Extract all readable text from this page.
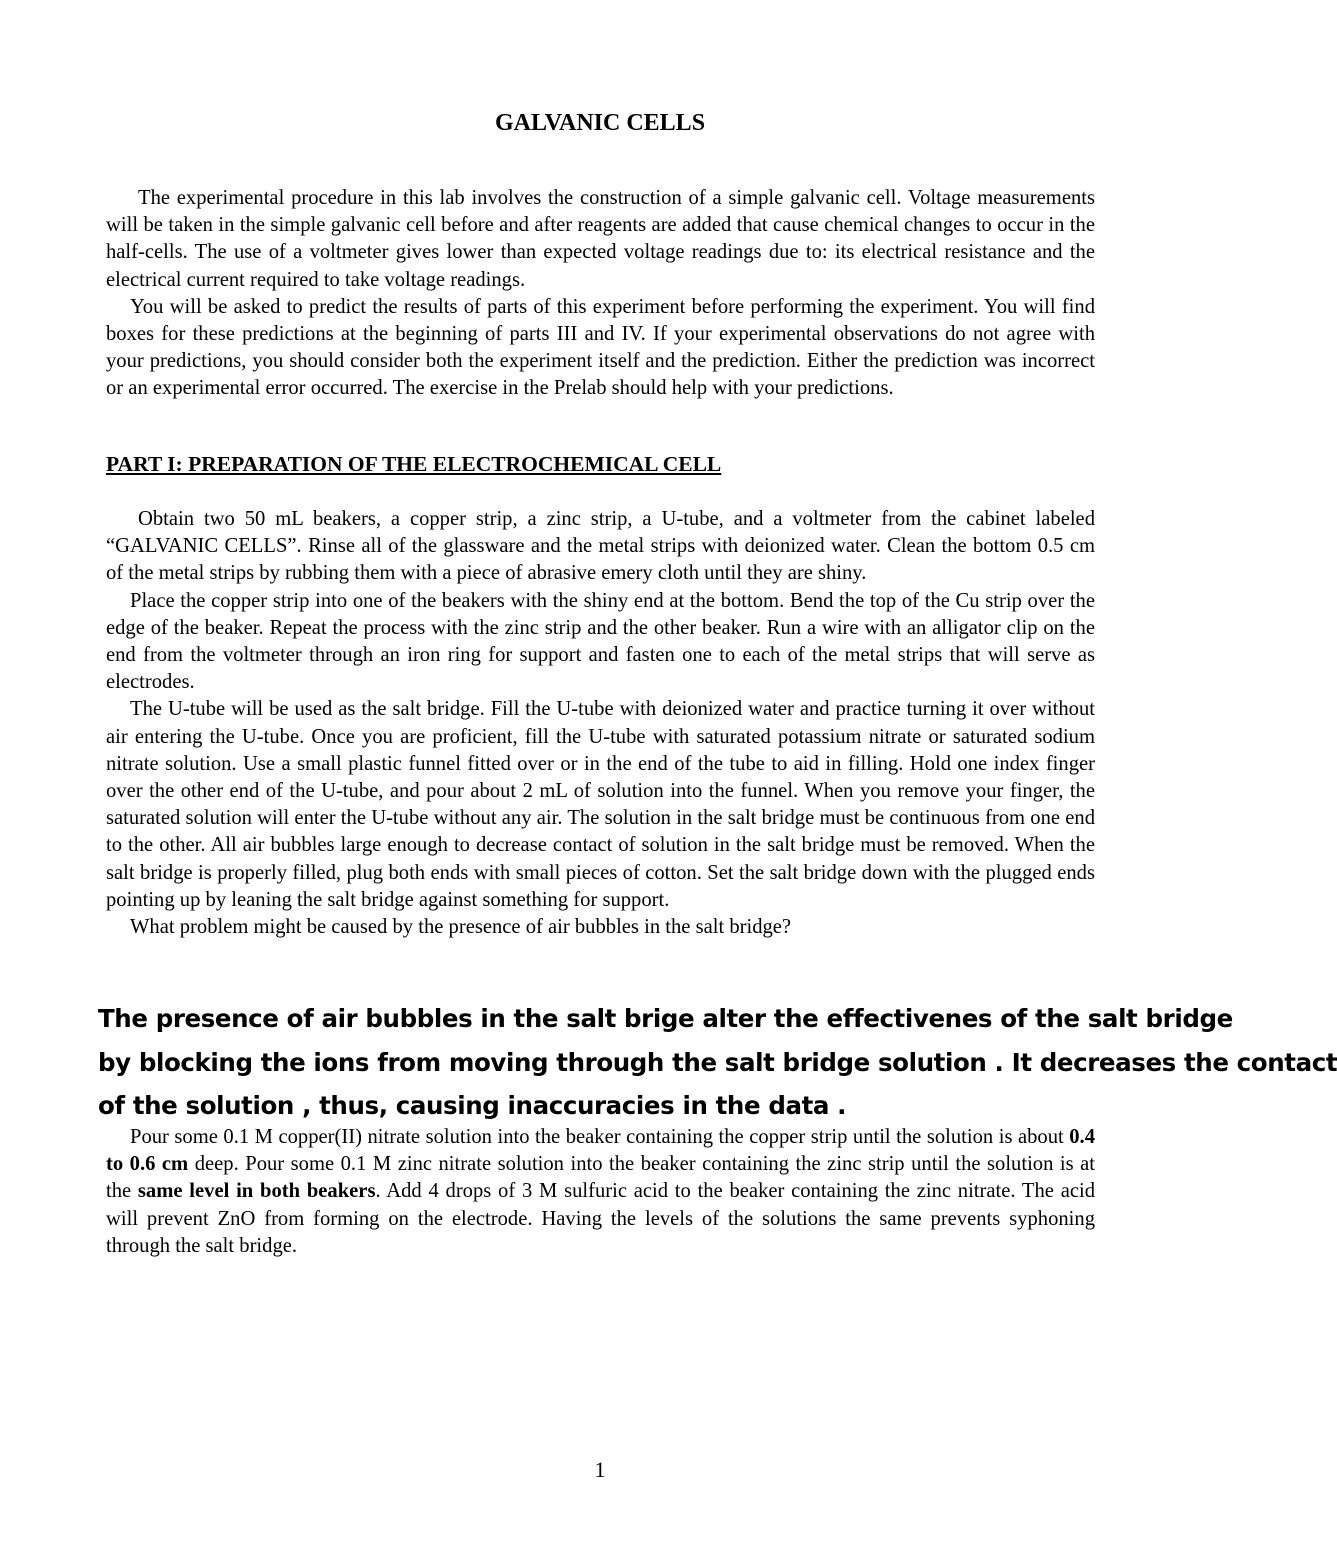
GALVANIC CELLS

The experimental procedure in this lab involves the construction of a simple galvanic cell. Voltage measurements will be taken in the simple galvanic cell before and after reagents are added that cause chemical changes to occur in the half-cells. The use of a voltmeter gives lower than expected voltage readings due to: its electrical resistance and the electrical current required to take voltage readings.

You will be asked to predict the results of parts of this experiment before performing the experiment. You will find boxes for these predictions at the beginning of parts III and IV. If your experimental observations do not agree with your predictions, you should consider both the experiment itself and the prediction. Either the prediction was incorrect or an experimental error occurred. The exercise in the Prelab should help with your predictions.

PART I: PREPARATION OF THE ELECTROCHEMICAL CELL

Obtain two 50 mL beakers, a copper strip, a zinc strip, a U-tube, and a voltmeter from the cabinet labeled “GALVANIC CELLS”. Rinse all of the glassware and the metal strips with deionized water. Clean the bottom 0.5 cm of the metal strips by rubbing them with a piece of abrasive emery cloth until they are shiny.

Place the copper strip into one of the beakers with the shiny end at the bottom. Bend the top of the Cu strip over the edge of the beaker. Repeat the process with the zinc strip and the other beaker. Run a wire with an alligator clip on the end from the voltmeter through an iron ring for support and fasten one to each of the metal strips that will serve as electrodes.

The U-tube will be used as the salt bridge. Fill the U-tube with deionized water and practice turning it over without air entering the U-tube. Once you are proficient, fill the U-tube with saturated potassium nitrate or saturated sodium nitrate solution. Use a small plastic funnel fitted over or in the end of the tube to aid in filling. Hold one index finger over the other end of the U-tube, and pour about 2 mL of solution into the funnel. When you remove your finger, the saturated solution will enter the U-tube without any air. The solution in the salt bridge must be continuous from one end to the other. All air bubbles large enough to decrease contact of solution in the salt bridge must be removed. When the salt bridge is properly filled, plug both ends with small pieces of cotton. Set the salt bridge down with the plugged ends pointing up by leaning the salt bridge against something for support.

What problem might be caused by the presence of air bubbles in the salt bridge?

The presence of air bubbles in the salt brige alter the effectivenes of the salt bridge

by blocking the ions from moving through the salt bridge solution . It decreases the contact

of the solution , thus, causing inaccuracies in the data .

Pour some 0.1 M copper(II) nitrate solution into the beaker containing the copper strip until the solution is about 0.4 to 0.6 cm deep. Pour some 0.1 M zinc nitrate solution into the beaker containing the zinc strip until the solution is at the same level in both beakers. Add 4 drops of 3 M sulfuric acid to the beaker containing the zinc nitrate. The acid will prevent ZnO from forming on the electrode. Having the levels of the solutions the same prevents syphoning through the salt bridge.

1
